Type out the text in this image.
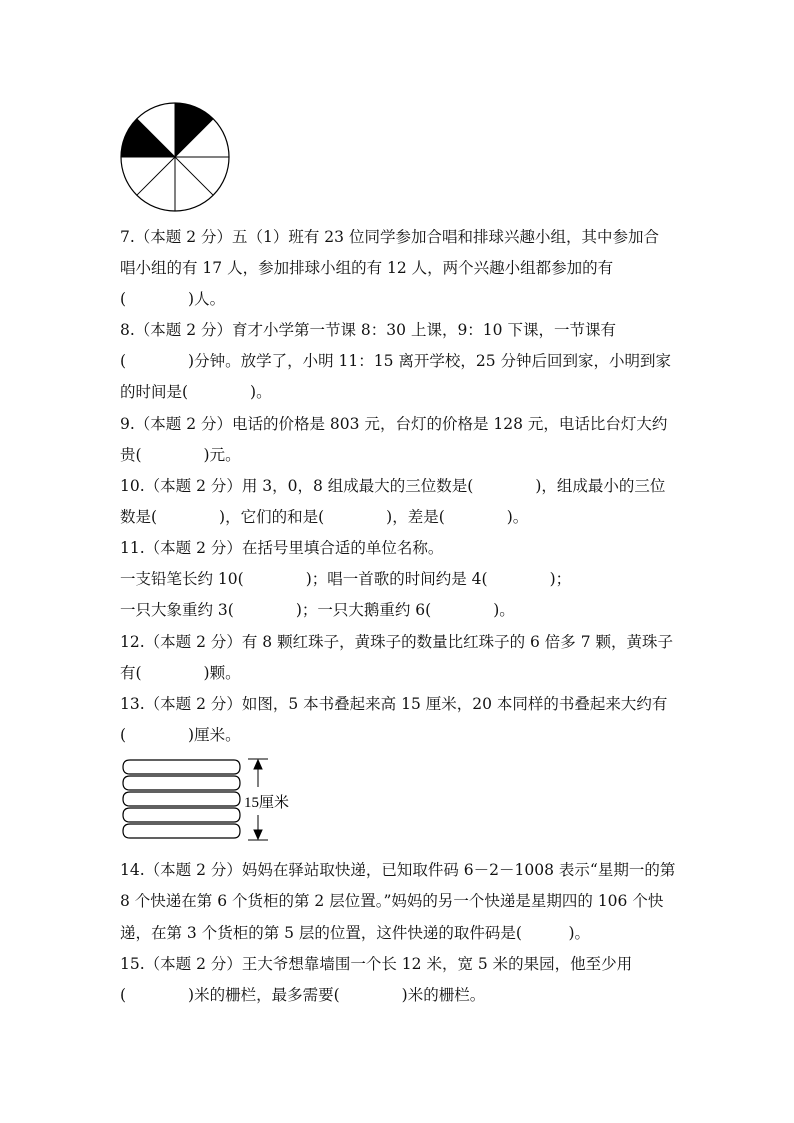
7.（本题 2 分）五（1）班有 23 位同学参加合唱和排球兴趣小组，其中参加合
唱小组的有 17 人，参加排球小组的有 12 人，两个兴趣小组都参加的有
(　　　　)人。
8.（本题 2 分）育才小学第一节课 8：30 上课，9：10 下课，一节课有
(　　　　)分钟。放学了，小明 11：15 离开学校，25 分钟后回到家，小明到家
的时间是(　　　　)。
9.（本题 2 分）电话的价格是 803 元，台灯的价格是 128 元，电话比台灯大约
贵(　　　　)元。
10.（本题 2 分）用 3，0，8 组成最大的三位数是(　　　　)，组成最小的三位
数是(　　　　)，它们的和是(　　　　)，差是(　　　　)。
11.（本题 2 分）在括号里填合适的单位名称。
一支铅笔长约 10(　　　　)；唱一首歌的时间约是 4(　　　　)；
一只大象重约 3(　　　　)；一只大鹅重约 6(　　　　)。
12.（本题 2 分）有 8 颗红珠子，黄珠子的数量比红珠子的 6 倍多 7 颗，黄珠子
有(　　　　)颗。
13.（本题 2 分）如图，5 本书叠起来高 15 厘米，20 本同样的书叠起来大约有
(　　　　)厘米。
15厘米
14.（本题 2 分）妈妈在驿站取快递，已知取件码 6－2－1008 表示“星期一的第
8 个快递在第 6 个货柜的第 2 层位置。”妈妈的另一个快递是星期四的 106 个快
递，在第 3 个货柜的第 5 层的位置，这件快递的取件码是(　　　)。
15.（本题 2 分）王大爷想靠墙围一个长 12 米，宽 5 米的果园，他至少用
(　　　　)米的栅栏，最多需要(　　　　)米的栅栏。
